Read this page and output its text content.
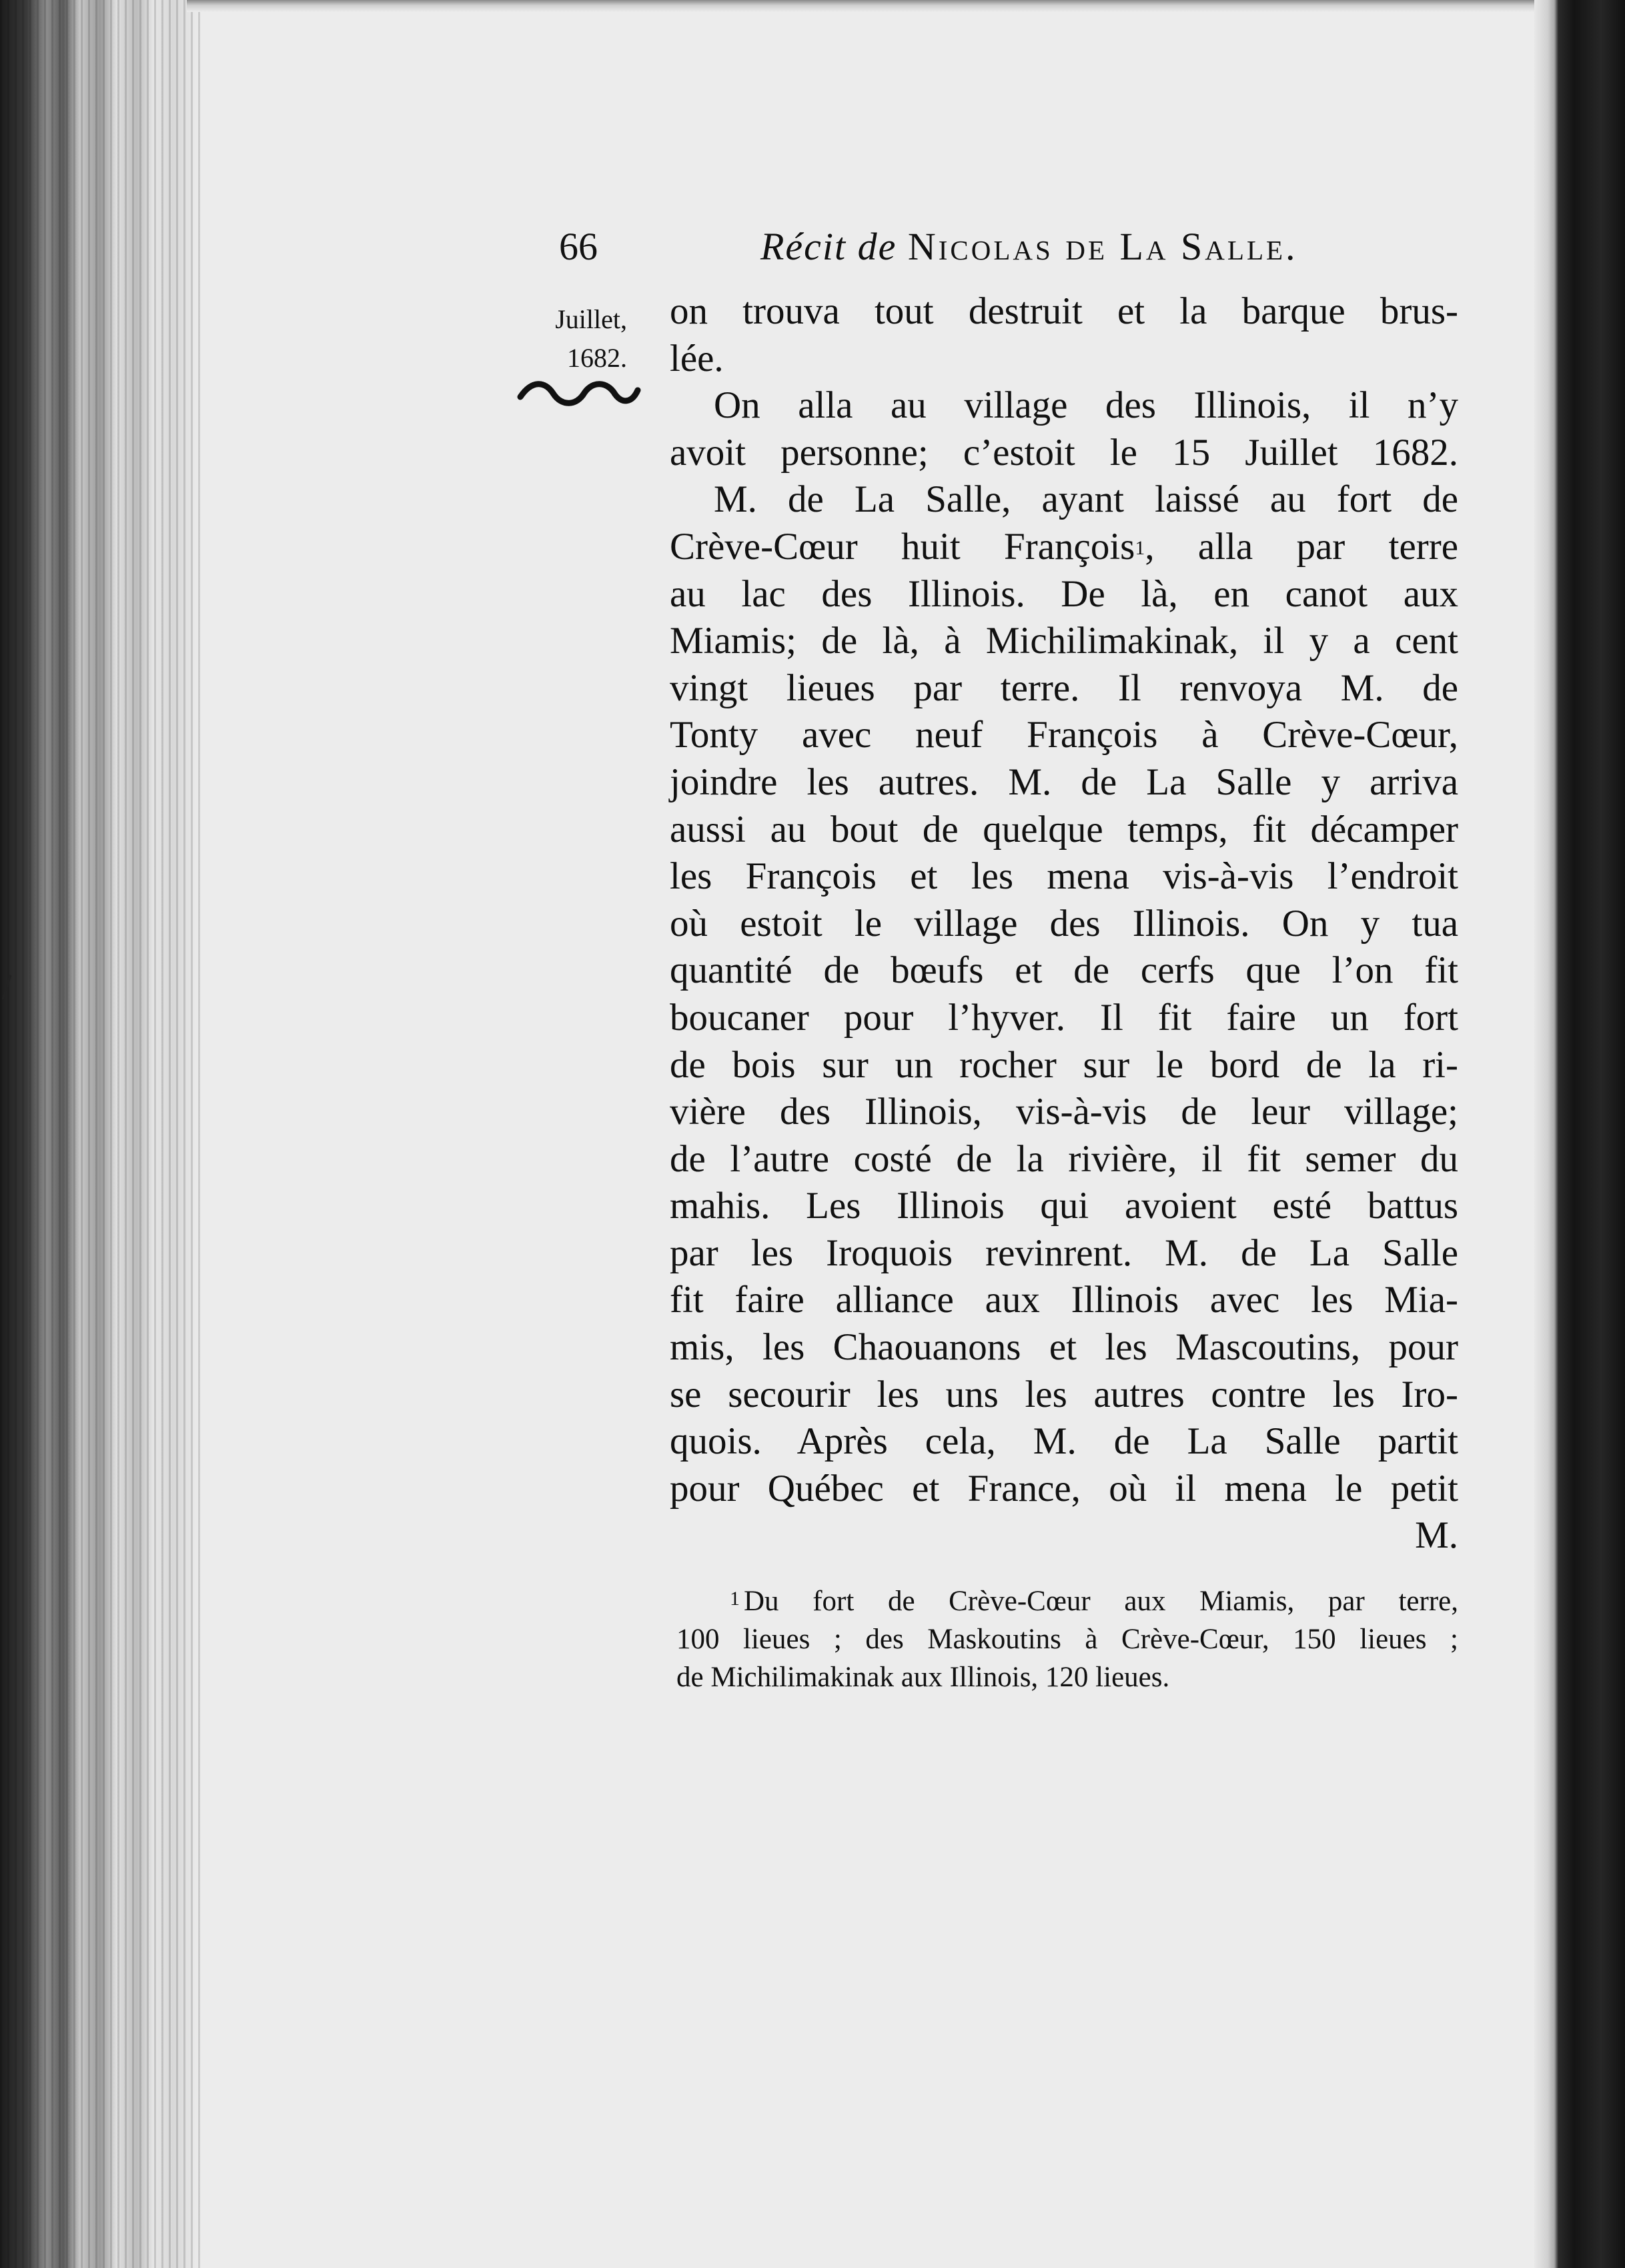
66	Récit de Nicolas de La Salle.
Juillet,
1682.
on trouva tout destruit et la barque brus-
lée.
On alla au village des Illinois, il n’y
avoit personne; c’estoit le 15 Juillet 1682.
M. de La Salle, ayant laissé au fort de
Crève-Cœur huit François$^1$, alla par terre
au lac des Illinois. De là, en canot aux
Miamis; de là, à Michilimakinak, il y a cent
vingt lieues par terre. Il renvoya M. de
Tonty avec neuf François à Crève-Cœur,
joindre les autres. M. de La Salle y arriva
aussi au bout de quelque temps, fit décamper
les François et les mena vis-à-vis l’endroit
où estoit le village des Illinois. On y tua
quantité de bœufs et de cerfs que l’on fit
boucaner pour l’hyver. Il fit faire un fort
de bois sur un rocher sur le bord de la ri-
vière des Illinois, vis-à-vis de leur village;
de l’autre costé de la rivière, il fit semer du
mahis. Les Illinois qui avoient esté battus
par les Iroquois revinrent. M. de La Salle
fit faire alliance aux Illinois avec les Mia-
mis, les Chaouanons et les Mascoutins, pour
se secourir les uns les autres contre les Iro-
quois. Après cela, M. de La Salle partit
pour Québec et France, où il mena le petit
M.
1 Du fort de Crève-Cœur aux Miamis, par terre,
100 lieues ; des Maskoutins à Crève-Cœur, 150 lieues ;
de Michilimakinak aux Illinois, 120 lieues.
